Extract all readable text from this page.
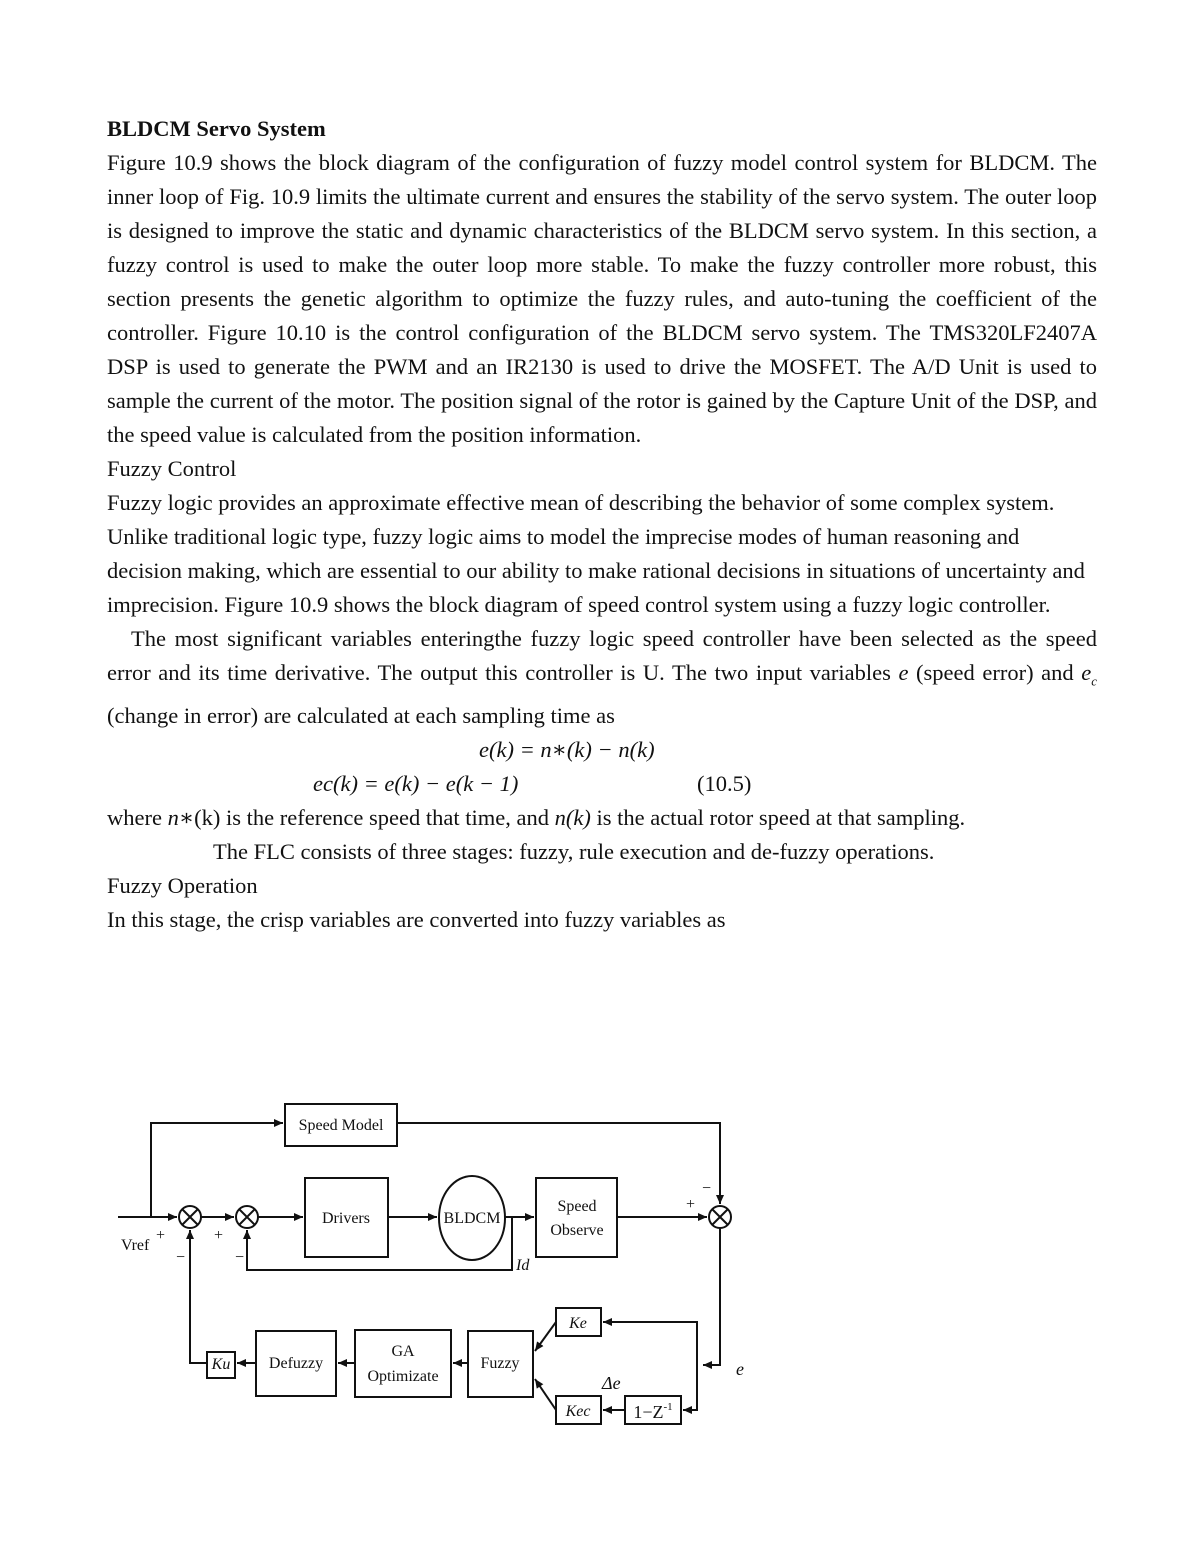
BLDCM Servo System

Figure 10.9 shows the block diagram of the configuration of fuzzy model control system for BLDCM. The inner loop of Fig. 10.9 limits the ultimate current and ensures the stability of the servo system. The outer loop is designed to improve the static and dynamic characteristics of the BLDCM servo system. In this section, a fuzzy control is used to make the outer loop more stable. To make the fuzzy controller more robust, this section presents the genetic algorithm to optimize the fuzzy rules, and auto-tuning the coefficient of the controller. Figure 10.10 is the control configuration of the BLDCM servo system. The TMS320LF2407A DSP is used to generate the PWM and an IR2130 is used to drive the MOSFET. The A/D Unit is used to sample the current of the motor. The position signal of the rotor is gained by the Capture Unit of the DSP, and the speed value is calculated from the position information.

Fuzzy Control

Fuzzy logic provides an approximate effective mean of describing the behavior of some complex system. Unlike traditional logic type, fuzzy logic aims to model the imprecise modes of human reasoning and decision making, which are essential to our ability to make rational decisions in situations of uncertainty and imprecision. Figure 10.9 shows the block diagram of speed control system using a fuzzy logic controller.

The most significant variables enteringthe fuzzy logic speed controller have been selected as the speed error and its time derivative. The output this controller is U. The two input variables e (speed error) and $e_c$ (change in error) are calculated at each sampling time as

e(k) = n∗(k) − n(k)
ec(k) = e(k) − e(k − 1)	(10.5)

where n∗(k) is the reference speed that time, and n(k) is the actual rotor speed at that sampling.

The FLC consists of three stages: fuzzy, rule execution and de-fuzzy operations.

Fuzzy Operation

In this stage, the crisp variables are converted into fuzzy variables as

Speed Model
Drivers	BLDCM
Speed
Observe
Ke
Kec $1-Z^{-1}$
Fuzzy
GA
Optimizate
Defuzzy
Ku
Vref
+
−
+
−
+
−
Id
e
Δe
